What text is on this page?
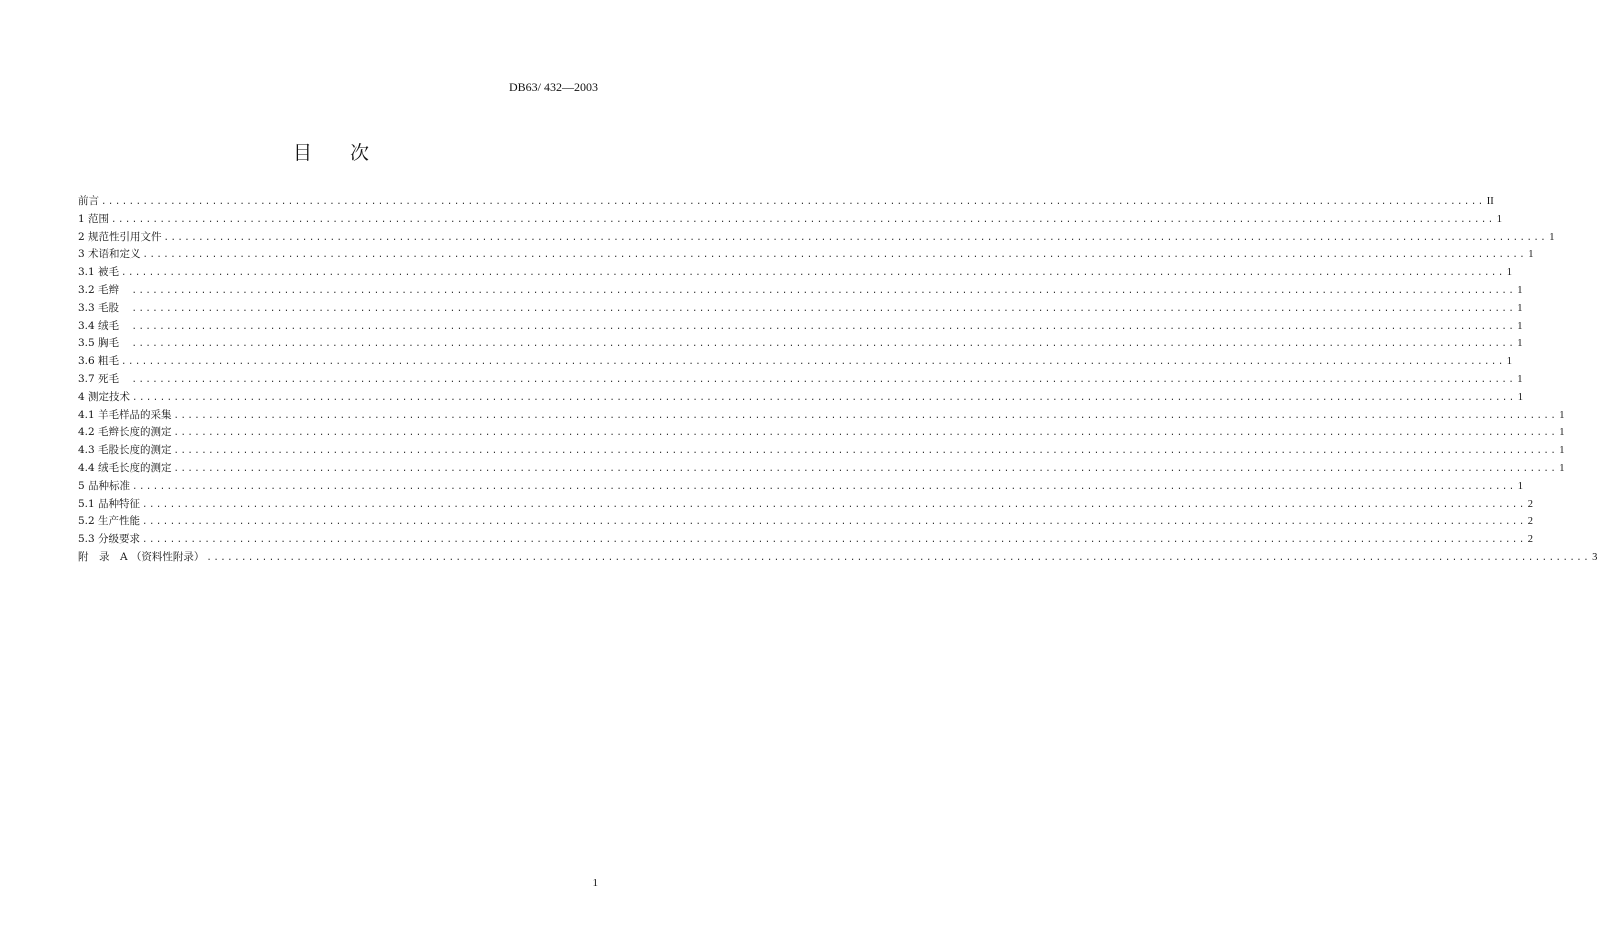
DB63/ 432—2003
目 次
前言 ........................................................................................................................................................................................................ II
1 范围 ........................................................................................................................................................................................................ 1
2 规范性引用文件 ........................................................................................................................................................................................................ 1
3 术语和定义 ........................................................................................................................................................................................................ 1
3.1 被毛 ........................................................................................................................................................................................................ 1
3.2 毛辫　 ........................................................................................................................................................................................................ 1
3.3 毛股　 ........................................................................................................................................................................................................ 1
3.4 绒毛　 ........................................................................................................................................................................................................ 1
3.5 胸毛　 ........................................................................................................................................................................................................ 1
3.6 粗毛 ........................................................................................................................................................................................................ 1
3.7 死毛　 ........................................................................................................................................................................................................ 1
4 测定技术 ........................................................................................................................................................................................................ 1
4.1 羊毛样品的采集 ........................................................................................................................................................................................................ 1
4.2 毛辫长度的测定 ........................................................................................................................................................................................................ 1
4.3 毛股长度的测定 ........................................................................................................................................................................................................ 1
4.4 绒毛长度的测定 ........................................................................................................................................................................................................ 1
5 品种标准 ........................................................................................................................................................................................................ 1
5.1 品种特征 ........................................................................................................................................................................................................ 2
5.2 生产性能 ........................................................................................................................................................................................................ 2
5.3 分级要求 ........................................................................................................................................................................................................ 2
附　录　A （资料性附录） ........................................................................................................................................................................................................ 3
1
